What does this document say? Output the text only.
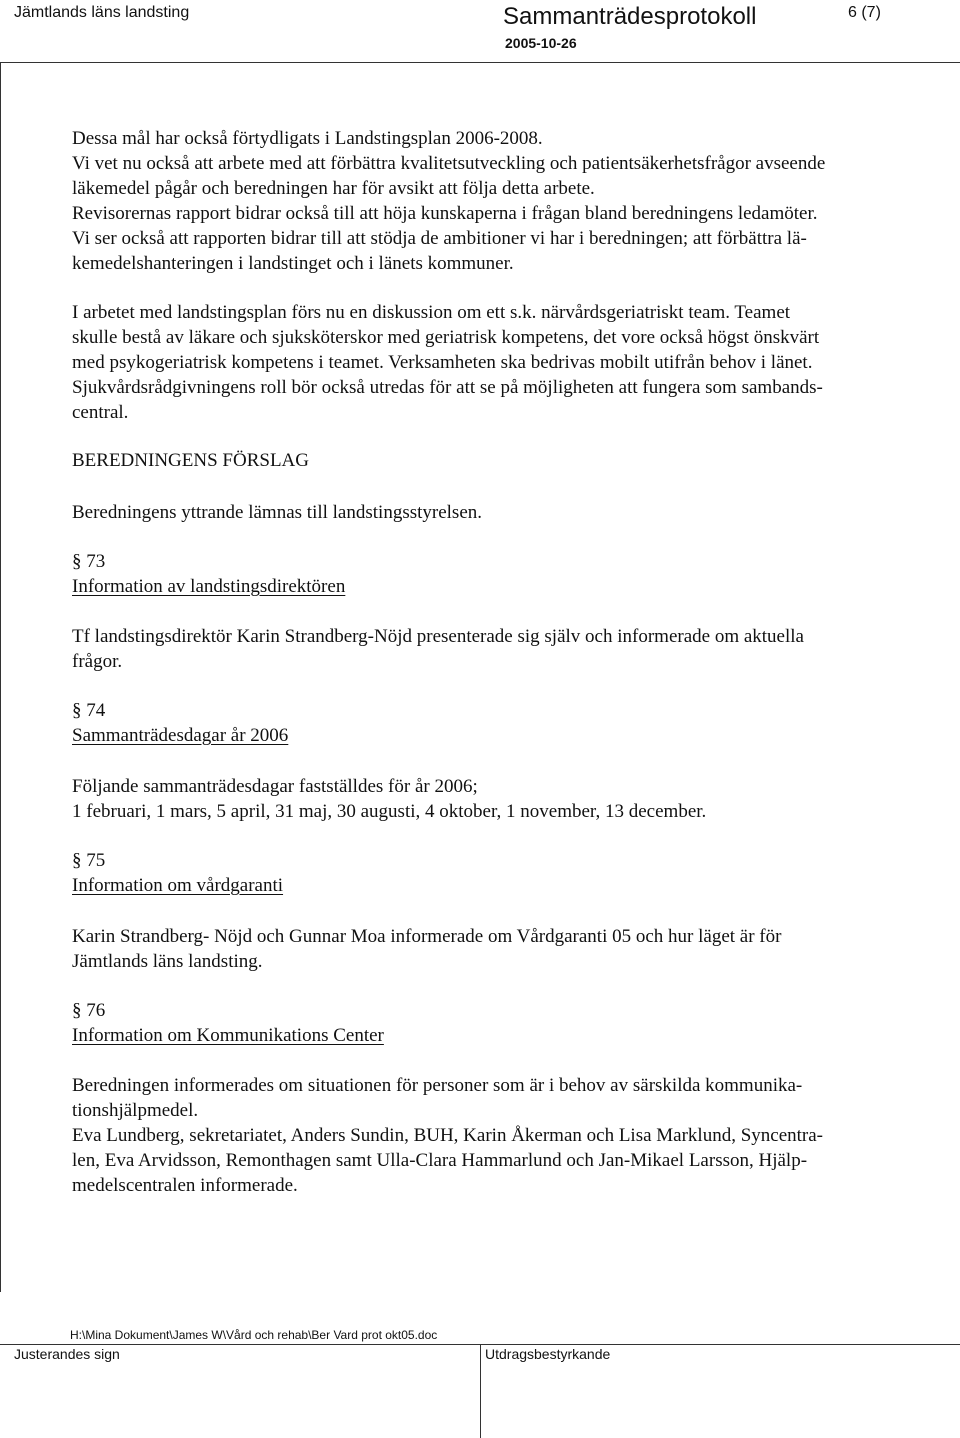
Jämtlands läns landsting	Sammanträdesprotokoll	6 (7)
2005-10-26
Dessa mål har också förtydligats i Landstingsplan 2006-2008.
Vi vet nu också att arbete med att förbättra kvalitetsutveckling och patientsäkerhetsfrågor avseende
läkemedel pågår och beredningen har för avsikt att följa detta arbete.
Revisorernas rapport bidrar också till att höja kunskaperna i frågan bland beredningens ledamöter.
Vi ser också att rapporten bidrar till att stödja de ambitioner vi har i beredningen; att förbättra lä-
kemedelshanteringen i landstinget och i länets kommuner.
I arbetet med landstingsplan förs nu en diskussion om ett s.k. närvårdsgeriatriskt team. Teamet
skulle bestå av läkare och sjuksköterskor med geriatrisk kompetens, det vore också högst önskvärt
med psykogeriatrisk kompetens i teamet. Verksamheten ska bedrivas mobilt utifrån behov i länet.
Sjukvårdsrådgivningens roll bör också utredas för att se på möjligheten att fungera som sambands-
central.
BEREDNINGENS FÖRSLAG
Beredningens yttrande lämnas till landstingsstyrelsen.
§ 73
Information av landstingsdirektören
Tf landstingsdirektör Karin Strandberg-Nöjd presenterade sig själv och informerade om aktuella
frågor.
§ 74
Sammanträdesdagar år 2006
Följande sammanträdesdagar fastställdes för år 2006;
1 februari, 1 mars, 5 april, 31 maj, 30 augusti, 4 oktober, 1 november, 13 december.
§ 75
Information om vårdgaranti
Karin Strandberg- Nöjd och Gunnar Moa informerade om Vårdgaranti 05 och hur läget är för
Jämtlands läns landsting.
§ 76
Information om Kommunikations Center
Beredningen informerades om situationen för personer som är i behov av särskilda kommunika-
tionshjälpmedel.
Eva Lundberg, sekretariatet, Anders Sundin, BUH, Karin Åkerman och Lisa Marklund, Syncentra-
len, Eva Arvidsson, Remonthagen samt Ulla-Clara Hammarlund och Jan-Mikael Larsson, Hjälp-
medelscentralen informerade.
H:\Mina Dokument\James W\Vård och rehab\Ber Vard prot okt05.doc
Justerandes sign	Utdragsbestyrkande
